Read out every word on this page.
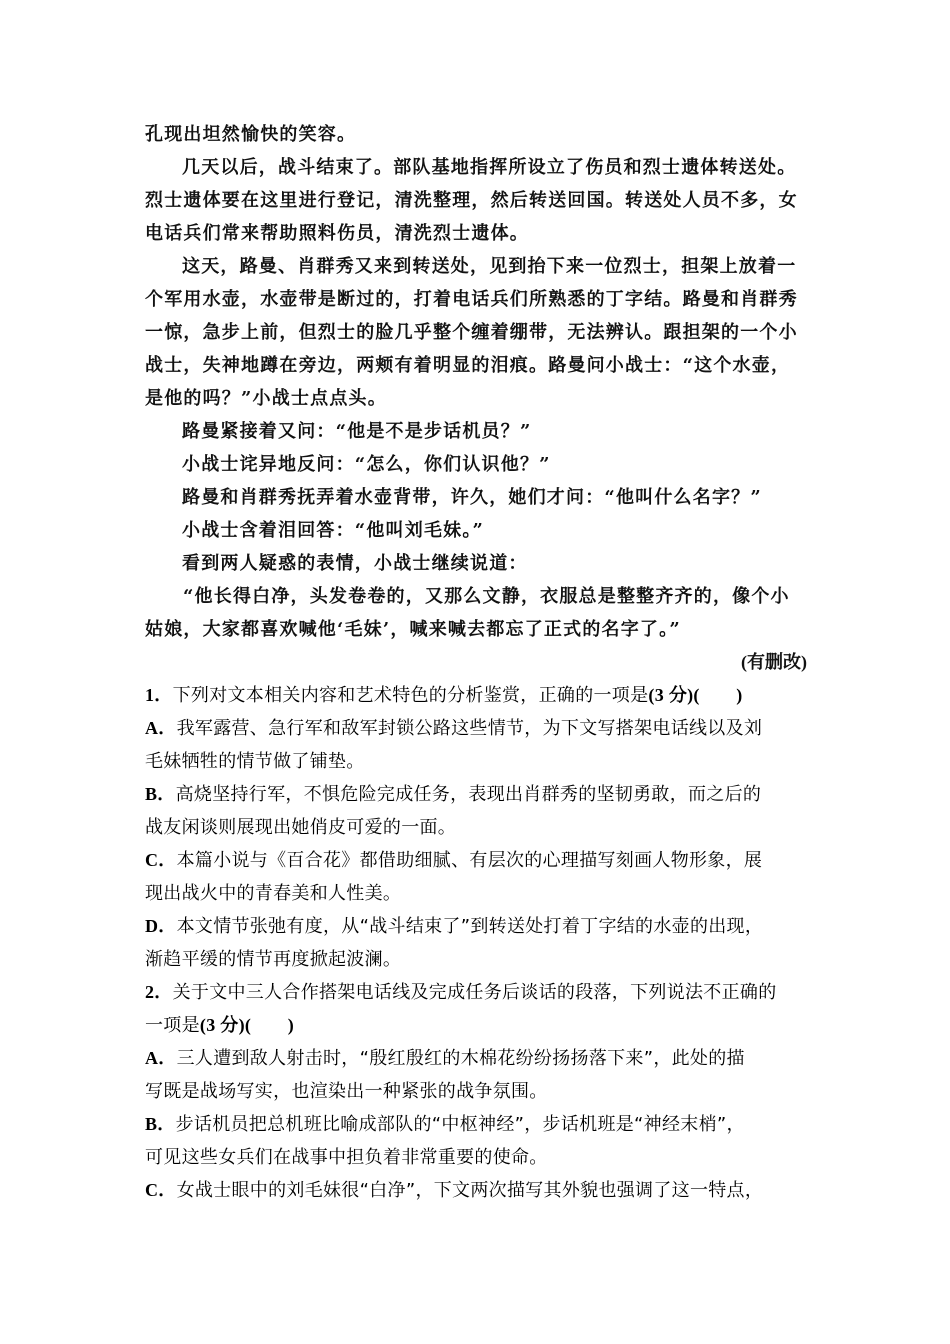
孔现出坦然愉快的笑容。
几天以后，战斗结束了。部队基地指挥所设立了伤员和烈士遗体转送处。
烈士遗体要在这里进行登记，清洗整理，然后转送回国。转送处人员不多，女
电话兵们常来帮助照料伤员，清洗烈士遗体。
这天，路曼、肖群秀又来到转送处，见到抬下来一位烈士，担架上放着一
个军用水壶，水壶带是断过的，打着电话兵们所熟悉的丁字结。路曼和肖群秀
一惊，急步上前，但烈士的脸几乎整个缠着绷带，无法辨认。跟担架的一个小
战士，失神地蹲在旁边，两颊有着明显的泪痕。路曼问小战士：“这个水壶，
是他的吗？”小战士点点头。
路曼紧接着又问：“他是不是步话机员？”
小战士诧异地反问：“怎么，你们认识他？”
路曼和肖群秀抚弄着水壶背带，许久，她们才问：“他叫什么名字？”
小战士含着泪回答：“他叫刘毛妹。”
看到两人疑惑的表情，小战士继续说道：
“他长得白净，头发卷卷的，又那么文静，衣服总是整整齐齐的，像个小
姑娘，大家都喜欢喊他‘毛妹’，喊来喊去都忘了正式的名字了。”
(有删改)
1．下列对文本相关内容和艺术特色的分析鉴赏，正确的一项是(3 分)(　　)
A．我军露营、急行军和敌军封锁公路这些情节，为下文写搭架电话线以及刘
毛妹牺牲的情节做了铺垫。
B．高烧坚持行军，不惧危险完成任务，表现出肖群秀的坚韧勇敢，而之后的
战友闲谈则展现出她俏皮可爱的一面。
C．本篇小说与《百合花》都借助细腻、有层次的心理描写刻画人物形象，展
现出战火中的青春美和人性美。
D．本文情节张弛有度，从“战斗结束了”到转送处打着丁字结的水壶的出现，
渐趋平缓的情节再度掀起波澜。
2．关于文中三人合作搭架电话线及完成任务后谈话的段落，下列说法不正确的
一项是(3 分)(　　)
A．三人遭到敌人射击时，“殷红殷红的木棉花纷纷扬扬落下来”，此处的描
写既是战场写实，也渲染出一种紧张的战争氛围。
B．步话机员把总机班比喻成部队的“中枢神经”，步话机班是“神经末梢”，
可见这些女兵们在战事中担负着非常重要的使命。
C．女战士眼中的刘毛妹很“白净”，下文两次描写其外貌也强调了这一特点，
